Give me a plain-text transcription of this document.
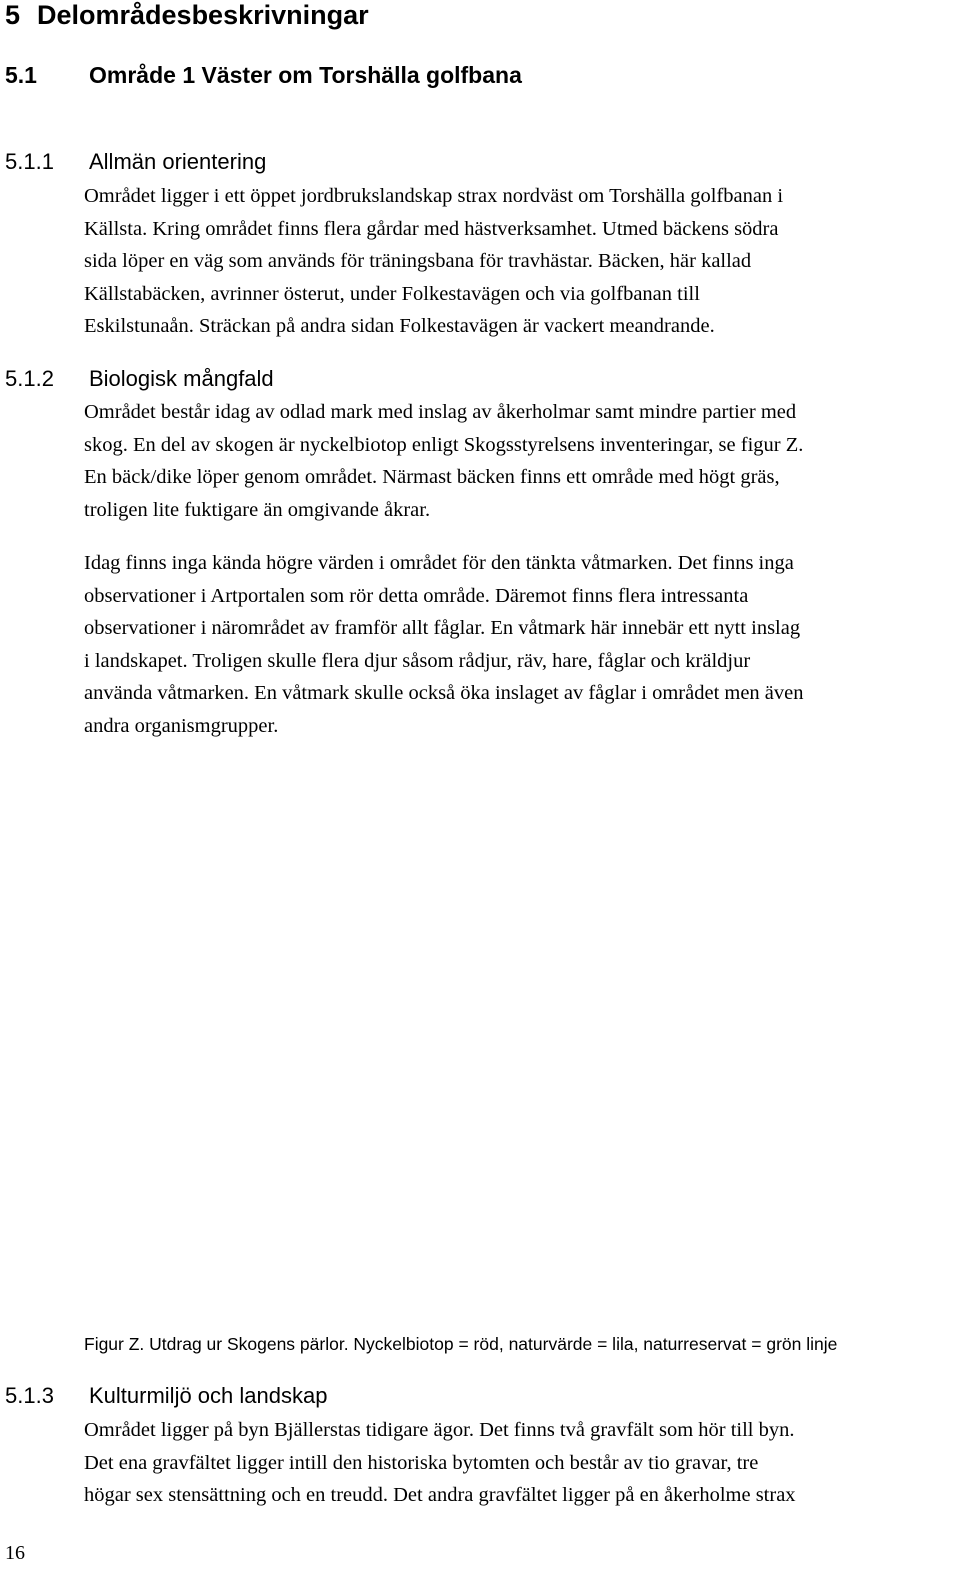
5 Delområdesbeskrivningar
5.1 Område 1 Väster om Torshälla golfbana
5.1.1 Allmän orientering
Området ligger i ett öppet jordbrukslandskap strax nordväst om Torshälla golfbanan i
Källsta. Kring området finns flera gårdar med hästverksamhet. Utmed bäckens södra
sida löper en väg som används för träningsbana för travhästar. Bäcken, här kallad
Källstabäcken, avrinner österut, under Folkestavägen och via golfbanan till
Eskilstunaån. Sträckan på andra sidan Folkestavägen är vackert meandrande.
5.1.2 Biologisk mångfald
Området består idag av odlad mark med inslag av åkerholmar samt mindre partier med
skog. En del av skogen är nyckelbiotop enligt Skogsstyrelsens inventeringar, se figur Z.
En bäck/dike löper genom området. Närmast bäcken finns ett område med högt gräs,
troligen lite fuktigare än omgivande åkrar.
Idag finns inga kända högre värden i området för den tänkta våtmarken. Det finns inga
observationer i Artportalen som rör detta område. Däremot finns flera intressanta
observationer i närområdet av framför allt fåglar. En våtmark här innebär ett nytt inslag
i landskapet. Troligen skulle flera djur såsom rådjur, räv, hare, fåglar och kräldjur
använda våtmarken. En våtmark skulle också öka inslaget av fåglar i området men även
andra organismgrupper.
Figur Z. Utdrag ur Skogens pärlor. Nyckelbiotop = röd, naturvärde = lila, naturreservat = grön linje
5.1.3 Kulturmiljö och landskap
Området ligger på byn Bjällerstas tidigare ägor. Det finns två gravfält som hör till byn.
Det ena gravfältet ligger intill den historiska bytomten och består av tio gravar, tre
högar sex stensättning och en treudd. Det andra gravfältet ligger på en åkerholme strax
16
